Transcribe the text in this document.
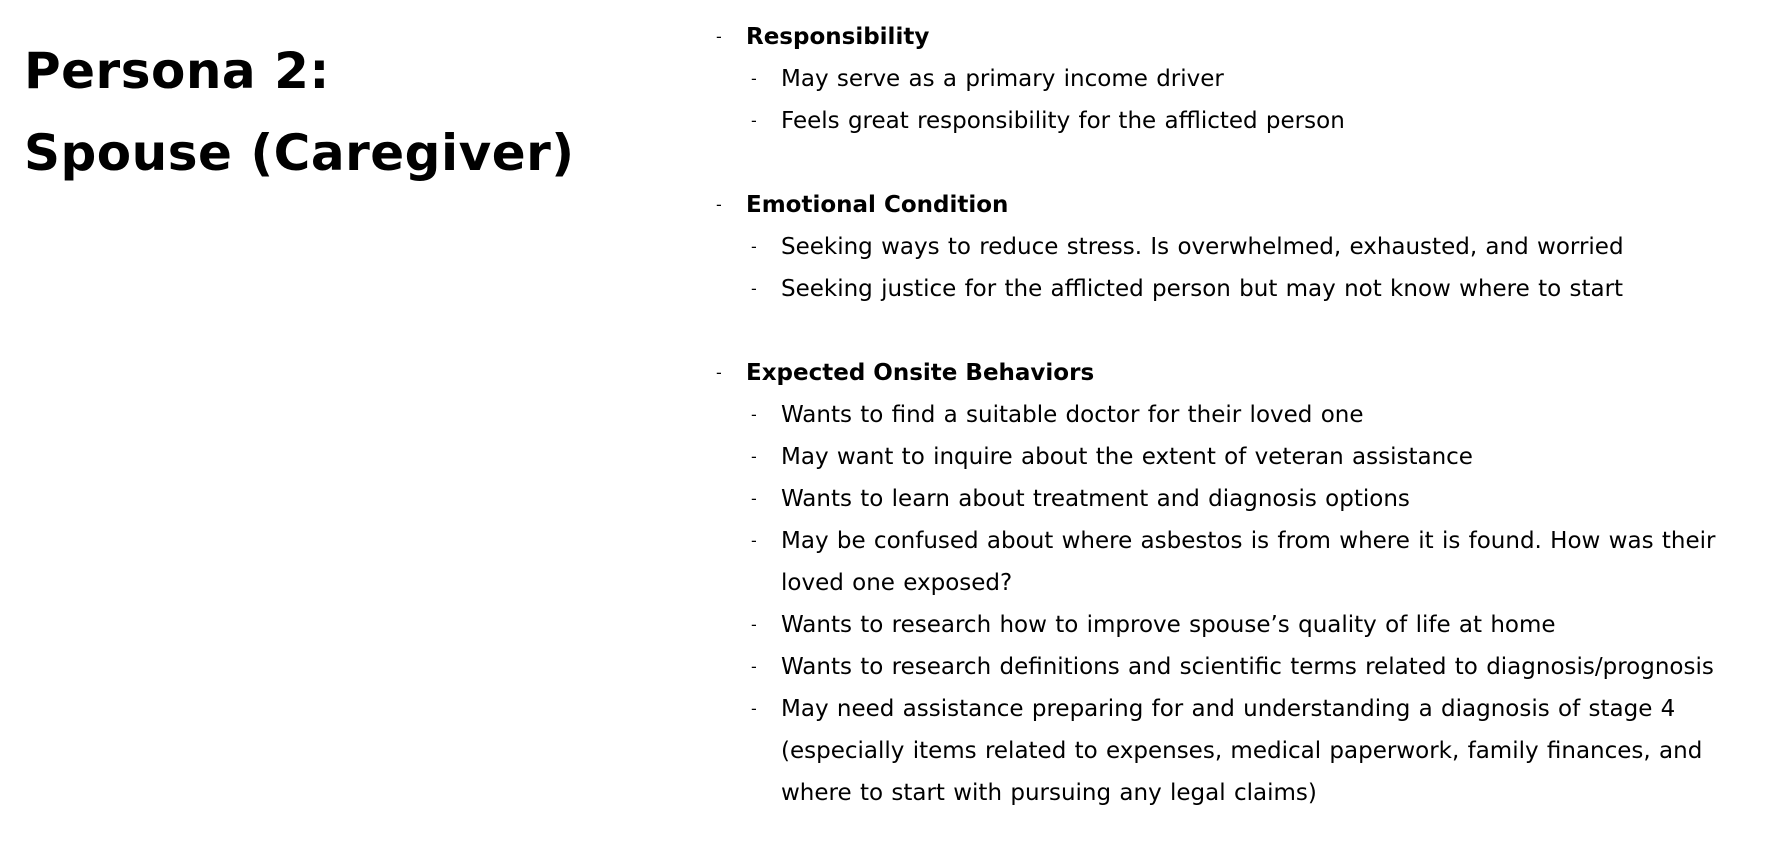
Persona 2:
Spouse (Caregiver)
- Responsibility
- May serve as a primary income driver
- Feels great responsibility for the afflicted person
- Emotional Condition
- Seeking ways to reduce stress. Is overwhelmed, exhausted, and worried
- Seeking justice for the afflicted person but may not know where to start
- Expected Onsite Behaviors
- Wants to find a suitable doctor for their loved one
- May want to inquire about the extent of veteran assistance
- Wants to learn about treatment and diagnosis options
- May be confused about where asbestos is from where it is found. How was their loved one exposed?
- Wants to research how to improve spouse’s quality of life at home
- Wants to research definitions and scientific terms related to diagnosis/prognosis
- May need assistance preparing for and understanding a diagnosis of stage 4 (especially items related to expenses, medical paperwork, family finances, and where to start with pursuing any legal claims)
